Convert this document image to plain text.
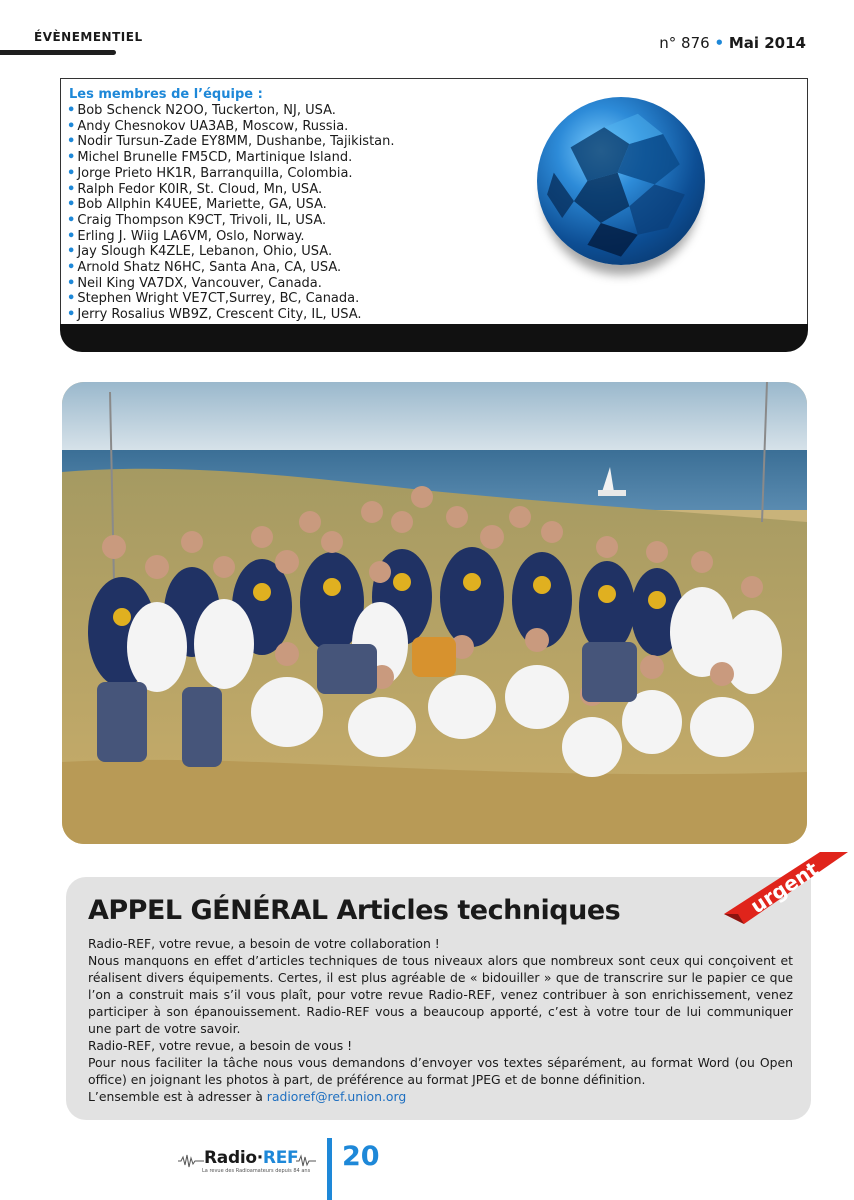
ÉVÈNEMENTIEL	n° 876 • Mai 2014
Les membres de l’équipe :
• Bob Schenck N2OO, Tuckerton, NJ, USA.
• Andy Chesnokov UA3AB, Moscow, Russia.
• Nodir Tursun-Zade EY8MM, Dushanbe, Tajikistan.
• Michel Brunelle FM5CD, Martinique Island.
• Jorge Prieto HK1R, Barranquilla, Colombia.
• Ralph Fedor K0IR, St. Cloud, Mn, USA.
• Bob Allphin K4UEE, Mariette, GA, USA.
• Craig Thompson K9CT, Trivoli, IL, USA.
• Erling J. Wiig LA6VM, Oslo, Norway.
• Jay Slough K4ZLE, Lebanon, Ohio, USA.
• Arnold Shatz N6HC, Santa Ana, CA, USA.
• Neil King VA7DX, Vancouver, Canada.
• Stephen Wright VE7CT,Surrey, BC, Canada.
• Jerry Rosalius WB9Z, Crescent City, IL, USA.
APPEL GÉNÉRAL Articles techniques

Radio-REF, votre revue, a besoin de votre collaboration !

Nous manquons en effet d’articles techniques de tous niveaux alors que nombreux sont ceux qui conçoivent et réalisent divers équipements. Certes, il est plus agréable de « bidouiller » que de transcrire sur le papier ce que l’on a construit mais s’il vous plaît, pour votre revue Radio-REF, venez contribuer à son enrichissement, venez participer à son épanouissement. Radio-REF vous a beaucoup apporté, c’est à votre tour de lui communiquer une part de votre savoir.

Radio-REF, votre revue, a besoin de vous !

Pour nous faciliter la tâche nous vous demandons d’envoyer vos textes séparément, au format Word (ou Open office) en joignant les photos à part, de préférence au format JPEG et de bonne définition.

L’ensemble est à adresser à radioref@ref.union.org

urgent
Radio·REF
La revue des Radioamateurs depuis 84 ans 20
